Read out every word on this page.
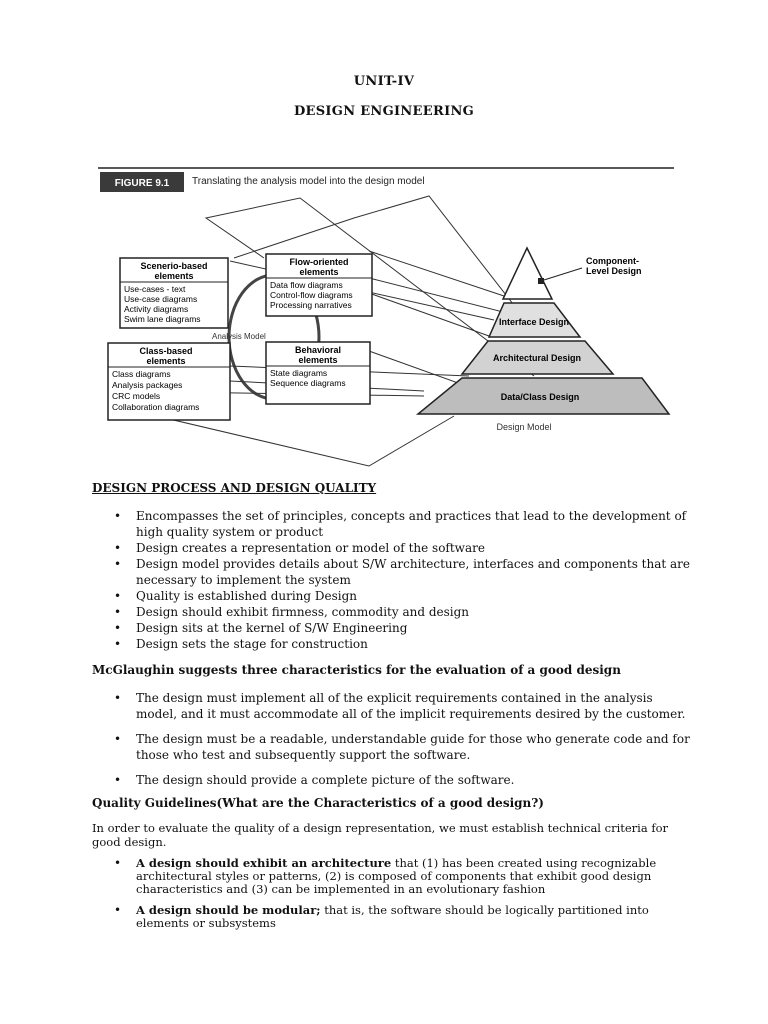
UNIT-IV
DESIGN ENGINEERING
FIGURE 9.1 Translating the analysis model into the design model
Scenerio-based
elements
Use-cases - text
Use-case diagrams
Activity diagrams
Swim lane diagrams
Flow-oriented
elements
Data flow diagrams
Control-flow diagrams
Processing narratives
Class-based
elements
Class diagrams
Analysis packages
CRC models
Collaboration diagrams
Behavioral
elements
State diagrams
Sequence diagrams
Analysis Model
Component-
Level Design
Interface Design
Architectural Design
Data/Class Design
Design Model
DESIGN PROCESS AND DESIGN QUALITY
• Encompasses the set of principles, concepts and practices that lead to the development of
high quality system or product
• Design creates a representation or model of the software
• Design model provides details about S/W architecture, interfaces and components that are
necessary to implement the system
• Quality is established during Design
• Design should exhibit firmness, commodity and design
• Design sits at the kernel of S/W Engineering
• Design sets the stage for construction
McGlaughin suggests three characteristics for the evaluation of a good design
• The design must implement all of the explicit requirements contained in the analysis
model, and it must accommodate all of the implicit requirements desired by the customer.
• The design must be a readable, understandable guide for those who generate code and for
those who test and subsequently support the software.
• The design should provide a complete picture of the software.
Quality Guidelines(What are the Characteristics of a good design?)
In order to evaluate the quality of a design representation, we must establish technical criteria for
good design.
• A design should exhibit an architecture that (1) has been created using recognizable
architectural styles or patterns, (2) is composed of components that exhibit good design
characteristics and (3) can be implemented in an evolutionary fashion
• A design should be modular; that is, the software should be logically partitioned into
elements or subsystems
